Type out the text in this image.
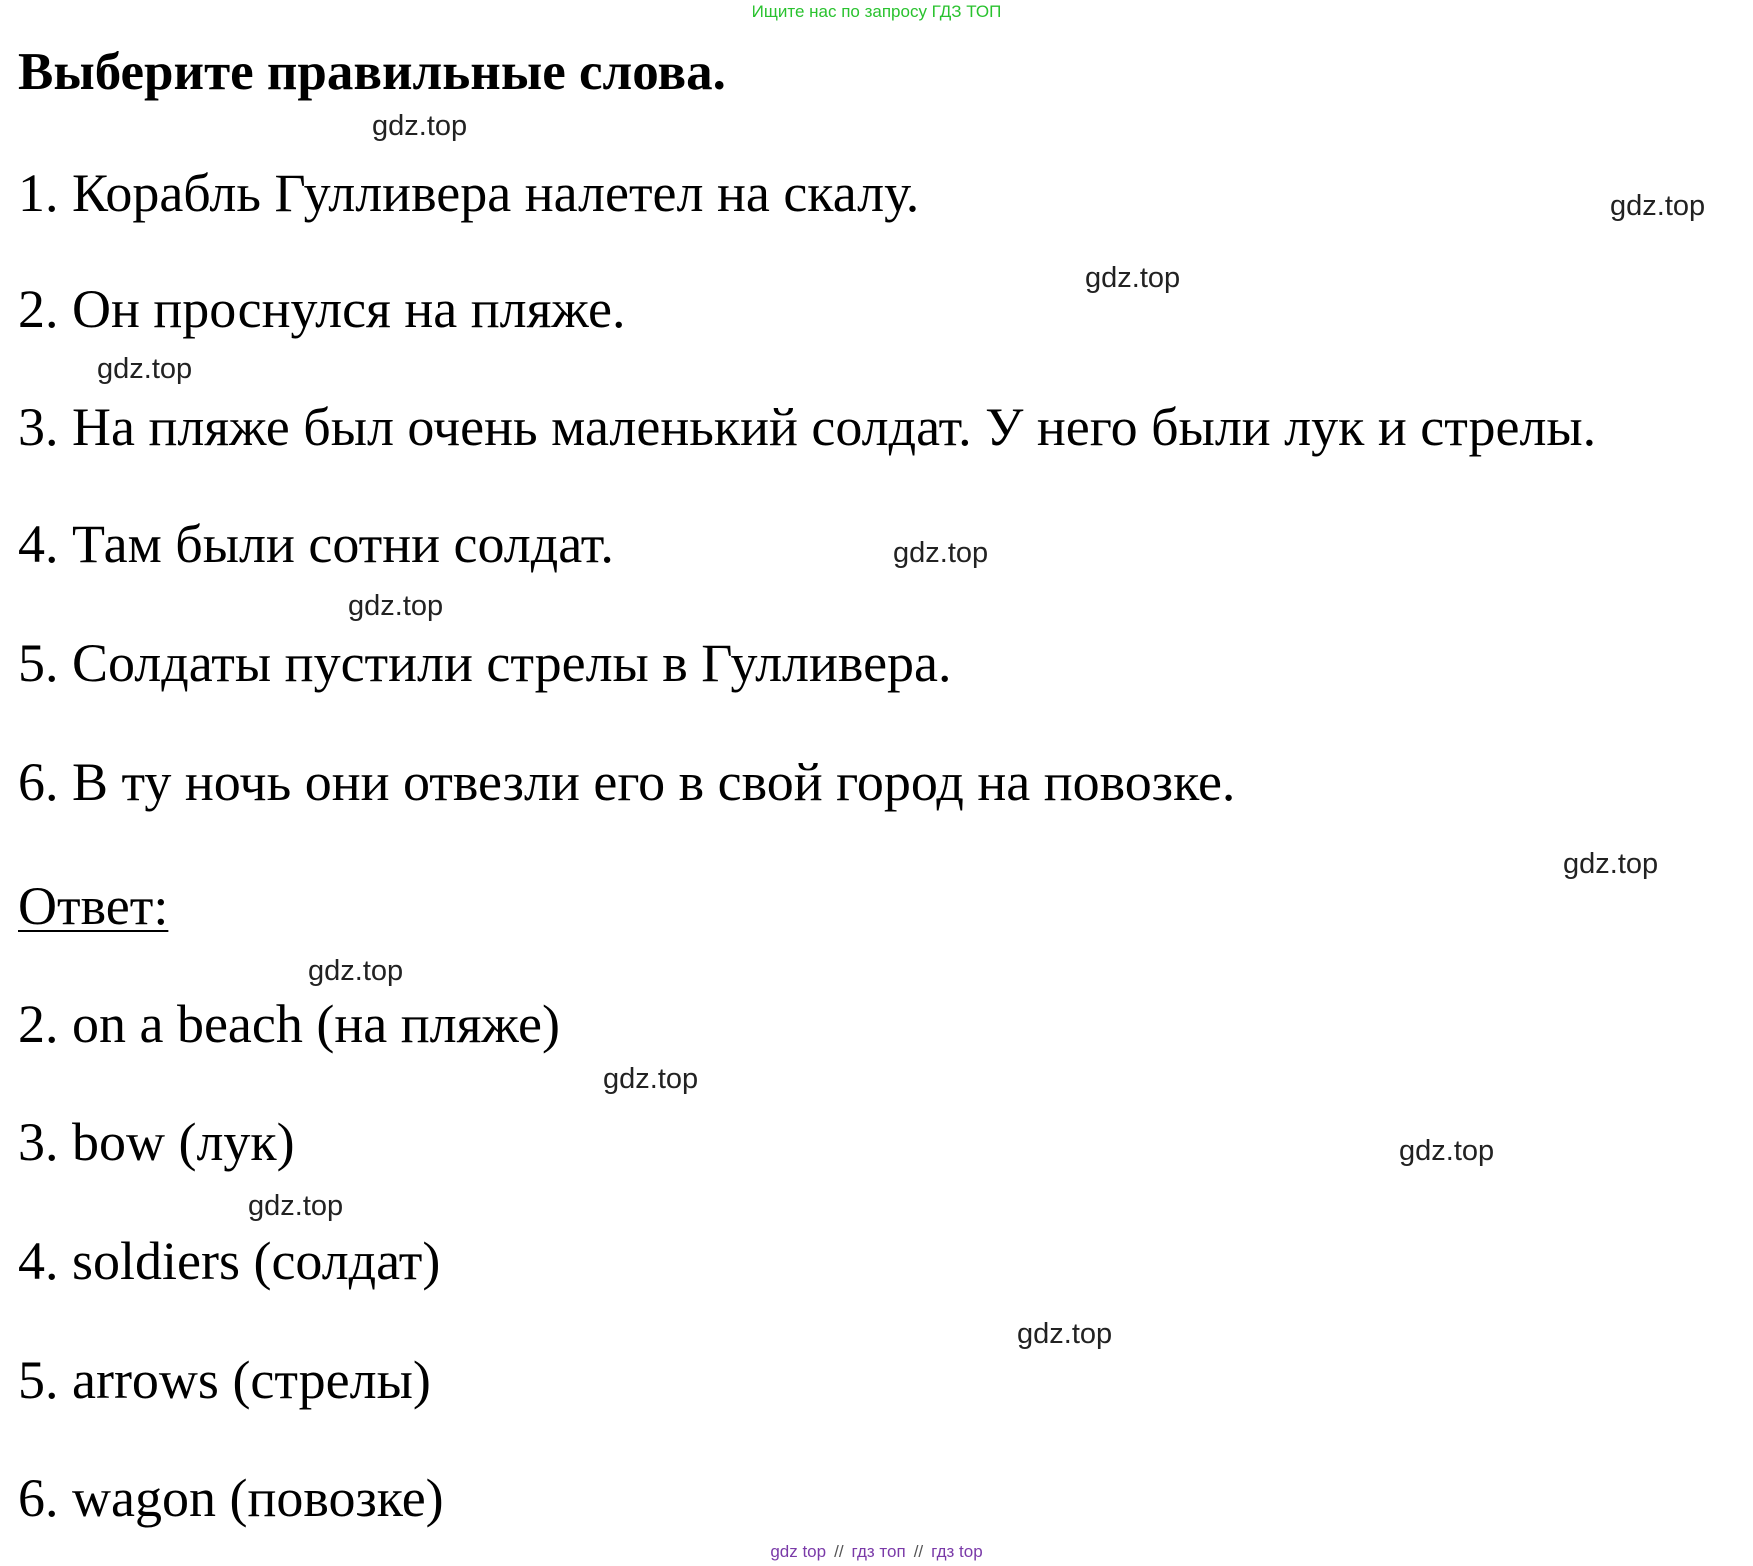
Ищите нас по запросу ГДЗ ТОП
Выберите правильные слова.
1. Корабль Гулливера налетел на скалу.
2. Он проснулся на пляже.
3. На пляже был очень маленький солдат. У него были лук и стрелы.
4. Там были сотни солдат.
5. Солдаты пустили стрелы в Гулливера.
6. В ту ночь они отвезли его в свой город на повозке.
Ответ:
2. on a beach (на пляже)
3. bow (лук)
4. soldiers (солдат)
5. arrows (стрелы)
6. wagon (повозке)
gdz.top
gdz.top
gdz.top
gdz.top
gdz.top
gdz.top
gdz.top
gdz.top
gdz.top
gdz.top
gdz.top
gdz.top
gdz top // гдз топ // гдз top
